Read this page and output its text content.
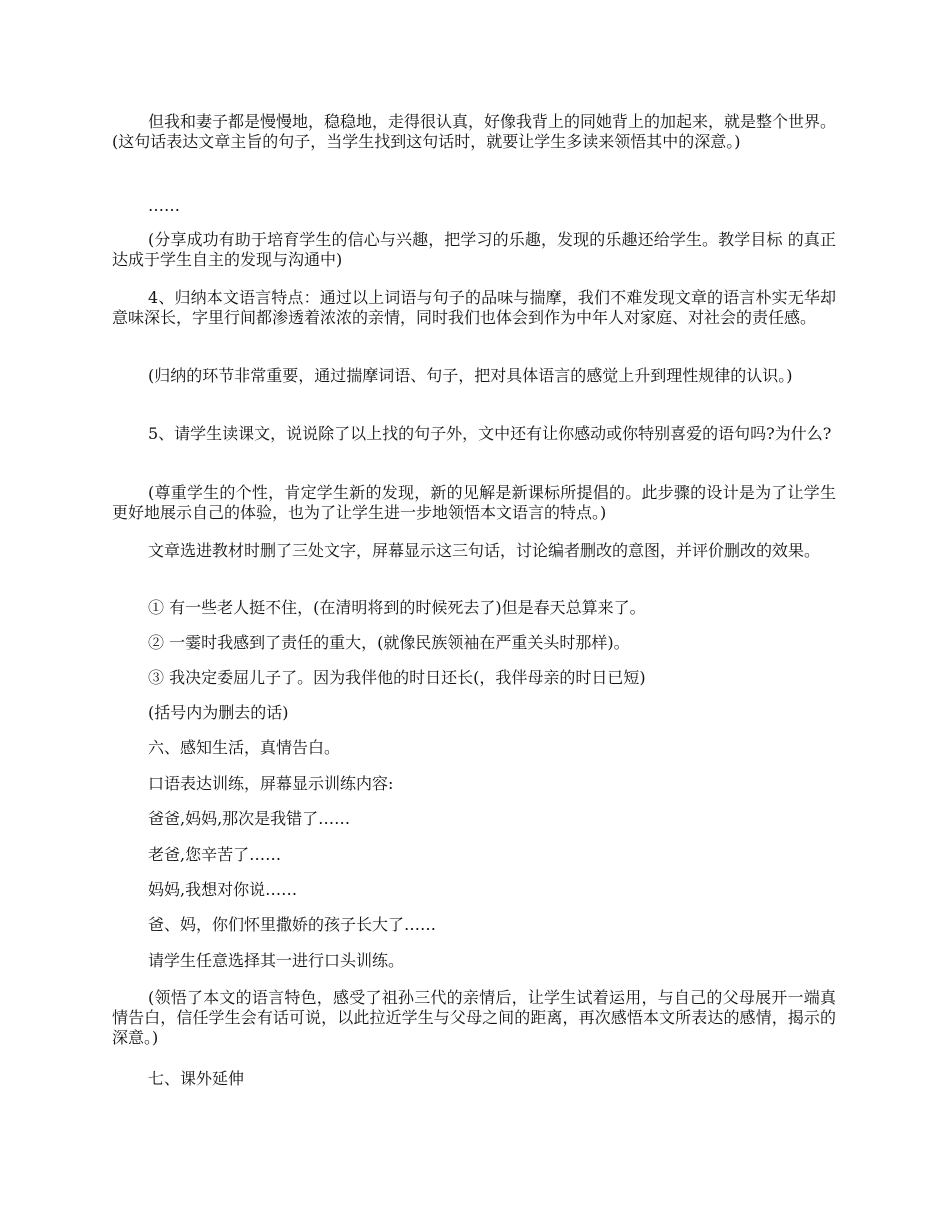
但我和妻子都是慢慢地，稳稳地，走得很认真，好像我背上的同她背上的加起来，就是整个世界。(这句话表达文章主旨的句子，当学生找到这句话时，就要让学生多读来领悟其中的深意。)

……

(分享成功有助于培育学生的信心与兴趣，把学习的乐趣，发现的乐趣还给学生。教学目标 的真正达成于学生自主的发现与沟通中)

4、归纳本文语言特点：通过以上词语与句子的品味与揣摩，我们不难发现文章的语言朴实无华却意味深长，字里行间都渗透着浓浓的亲情，同时我们也体会到作为中年人对家庭、对社会的责任感。

(归纳的环节非常重要，通过揣摩词语、句子，把对具体语言的感觉上升到理性规律的认识。)

5、请学生读课文，说说除了以上找的句子外，文中还有让你感动或你特别喜爱的语句吗?为什么?

(尊重学生的个性，肯定学生新的发现，新的见解是新课标所提倡的。此步骤的设计是为了让学生更好地展示自己的体验，也为了让学生进一步地领悟本文语言的特点。)

文章选进教材时删了三处文字，屏幕显示这三句话，讨论编者删改的意图，并评价删改的效果。

① 有一些老人挺不住，(在清明将到的时候死去了)但是春天总算来了。

② 一霎时我感到了责任的重大，(就像民族领袖在严重关头时那样)。

③ 我决定委屈儿子了。因为我伴他的时日还长(，我伴母亲的时日已短)

(括号内为删去的话)

六、感知生活，真情告白。

口语表达训练，屏幕显示训练内容:

爸爸,妈妈,那次是我错了……

老爸,您辛苦了……

妈妈,我想对你说……

爸、妈，你们怀里撒娇的孩子长大了……

请学生任意选择其一进行口头训练。

(领悟了本文的语言特色，感受了祖孙三代的亲情后，让学生试着运用，与自己的父母展开一端真情告白，信任学生会有话可说，以此拉近学生与父母之间的距离，再次感悟本文所表达的感情，揭示的深意。)

七、课外延伸
